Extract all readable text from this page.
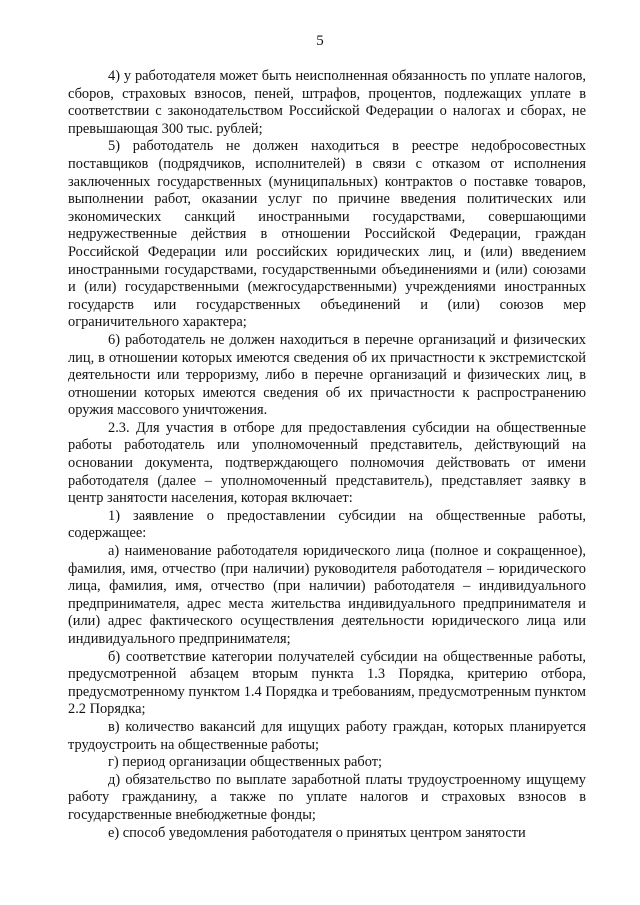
5

4) у работодателя может быть неисполненная обязанность по уплате налогов, сборов, страховых взносов, пеней, штрафов, процентов, подлежащих уплате в соответствии с законодательством Российской Федерации о налогах и сборах, не превышающая 300 тыс. рублей;

5) работодатель не должен находиться в реестре недобросовестных поставщиков (подрядчиков, исполнителей) в связи с отказом от исполнения заключенных государственных (муниципальных) контрактов о поставке товаров, выполнении работ, оказании услуг по причине введения политических или экономических санкций иностранными государствами, совершающими недружественные действия в отношении Российской Федерации, граждан Российской Федерации или российских юридических лиц, и (или) введением иностранными государствами, государственными объединениями и (или) союзами и (или) государственными (межгосударственными) учреждениями иностранных государств или государственных объединений и (или) союзов мер ограничительного характера;

6) работодатель не должен находиться в перечне организаций и физических лиц, в отношении которых имеются сведения об их причастности к экстремистской деятельности или терроризму, либо в перечне организаций и физических лиц, в отношении которых имеются сведения об их причастности к распространению оружия массового уничтожения.

2.3. Для участия в отборе для предоставления субсидии на общественные работы работодатель или уполномоченный представитель, действующий на основании документа, подтверждающего полномочия действовать от имени работодателя (далее – уполномоченный представитель), представляет заявку в центр занятости населения, которая включает:

1) заявление о предоставлении субсидии на общественные работы, содержащее:

а) наименование работодателя юридического лица (полное и сокращенное), фамилия, имя, отчество (при наличии) руководителя работодателя – юридического лица, фамилия, имя, отчество (при наличии) работодателя – индивидуального предпринимателя, адрес места жительства индивидуального предпринимателя и (или) адрес фактического осуществления деятельности юридического лица или индивидуального предпринимателя;

б) соответствие категории получателей субсидии на общественные работы, предусмотренной абзацем вторым пункта 1.3 Порядка, критерию отбора, предусмотренному пунктом 1.4 Порядка и требованиям, предусмотренным пунктом 2.2 Порядка;

в) количество вакансий для ищущих работу граждан, которых планируется трудоустроить на общественные работы;

г) период организации общественных работ;

д) обязательство по выплате заработной платы трудоустроенному ищущему работу гражданину, а также по уплате налогов и страховых взносов в государственные внебюджетные фонды;

е) способ уведомления работодателя о принятых центром занятости
